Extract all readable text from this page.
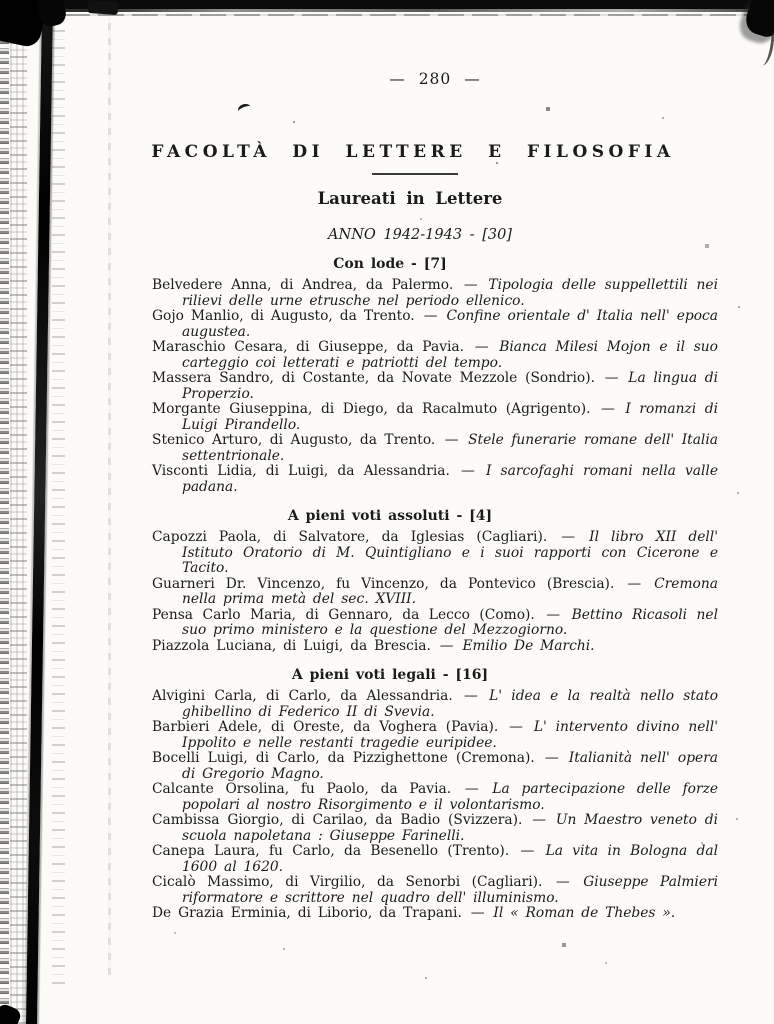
— 280 —
FACOLTÀ DI LETTERE E FILOSOFIA
Laureati in Lettere
ANNO 1942-1943 - [30]
Con lode - [7]

Belvedere Anna, di Andrea, da Palermo. — Tipologia delle suppellettili nei rilievi delle urne etrusche nel periodo ellenico.

Gojo Manlio, di Augusto, da Trento. — Confine orientale d' Italia nell' epoca augustea.

Maraschio Cesara, di Giuseppe, da Pavia. — Bianca Milesi Mojon e il suo carteggio coi letterati e patriotti del tempo.

Massera Sandro, di Costante, da Novate Mezzole (Sondrio). — La lingua di Properzio.

Morgante Giuseppina, di Diego, da Racalmuto (Agrigento). — I romanzi di Luigi Pirandello.

Stenico Arturo, di Augusto, da Trento. — Stele funerarie romane dell' Italia settentrionale.

Visconti Lidia, di Luigi, da Alessandria. — I sarcofaghi romani nella valle padana.

A pieni voti assoluti - [4]

Capozzi Paola, di Salvatore, da Iglesias (Cagliari). — Il libro XII dell' Istituto Oratorio di M. Quintigliano e i suoi rapporti con Cicerone e Tacito.

Guarneri Dr. Vincenzo, fu Vincenzo, da Pontevico (Brescia). — Cremona nella prima metà del sec. XVIII.

Pensa Carlo Maria, di Gennaro, da Lecco (Como). — Bettino Ricasoli nel suo primo ministero e la questione del Mezzogiorno.

Piazzola Luciana, di Luigi, da Brescia. — Emilio De Marchi.

A pieni voti legali - [16]

Alvigini Carla, di Carlo, da Alessandria. — L' idea e la realtà nello stato ghibellino di Federico II di Svevia.

Barbieri Adele, di Oreste, da Voghera (Pavia). — L' intervento divino nell' Ippolito e nelle restanti tragedie euripidee.

Bocelli Luigi, di Carlo, da Pizzighettone (Cremona). — Italianità nell' opera di Gregorio Magno.

Calcante Orsolina, fu Paolo, da Pavia. — La partecipazione delle forze popolari al nostro Risorgimento e il volontarismo.

Cambissa Giorgio, di Carilao, da Badio (Svizzera). — Un Maestro veneto di scuola napoletana : Giuseppe Farinelli.

Canepa Laura, fu Carlo, da Besenello (Trento). — La vita in Bologna dal 1600 al 1620.

Cicalò Massimo, di Virgilio, da Senorbi (Cagliari). — Giuseppe Palmieri riformatore e scrittore nel quadro dell' illuminismo.

De Grazia Erminia, di Liborio, da Trapani. — Il « Roman de Thebes ».
